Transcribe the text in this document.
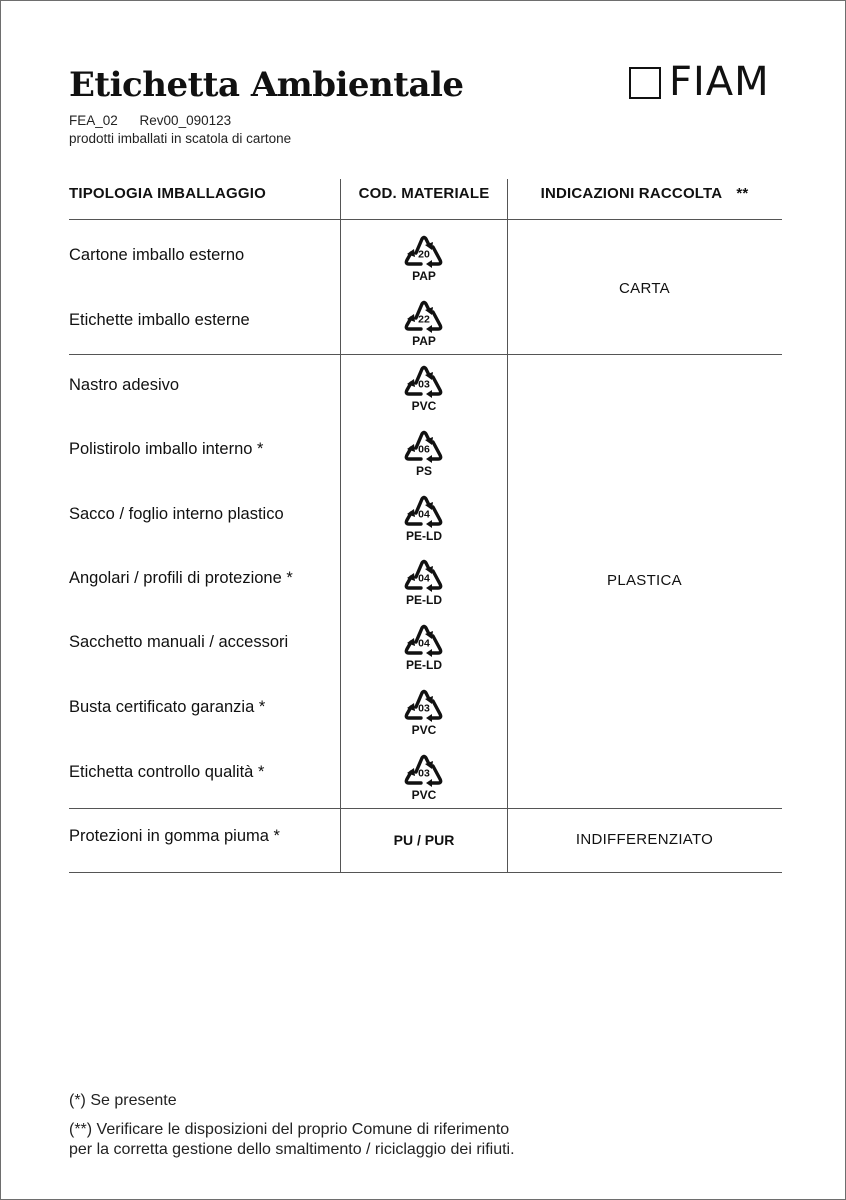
Etichetta Ambientale
FEA_02 Rev00_090123
prodotti imballati in scatola di cartone
FIAM
TIPOLOGIA IMBALLAGGIO	COD. MATERIALE	INDICAZIONI RACCOLTA **
Cartone imballo esterno
Etichette imballo esterne
Nastro adesivo
Polistirolo imballo interno *
Sacco / foglio interno plastico
Angolari / profili di protezione *
Sacchetto manuali / accessori
Busta certificato garanzia *
Etichetta controllo qualità *
Protezioni in gomma piuma *
20
PAP
22
PAP
03
PVC
06
PS
04
PE-LD
04
PE-LD
04
PE-LD
03
PVC
03
PVC
PU / PUR
CARTA
PLASTICA
INDIFFERENZIATO
(*) Se presente
(**) Verificare le disposizioni del proprio Comune di riferimento
per la corretta gestione dello smaltimento / riciclaggio dei rifiuti.
